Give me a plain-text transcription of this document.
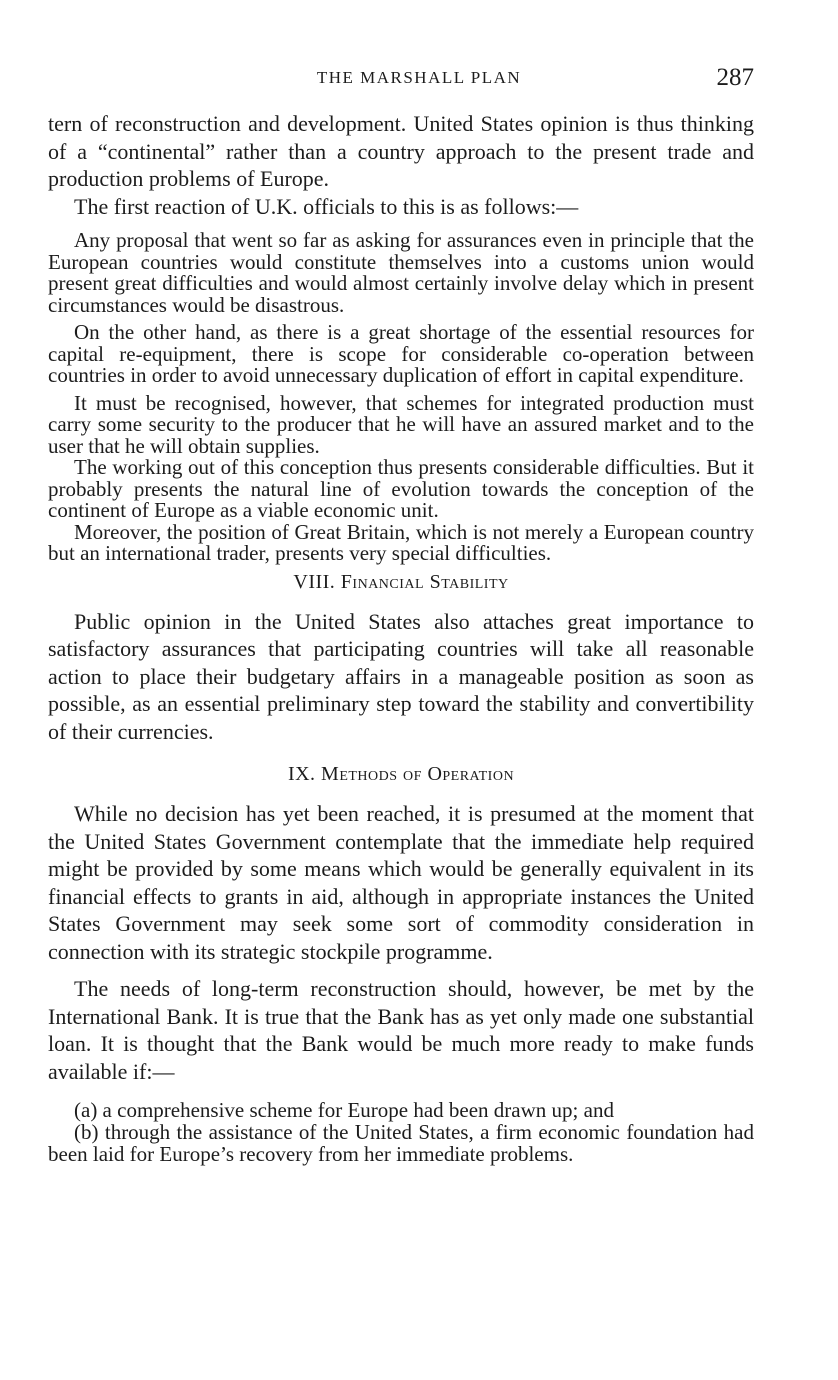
THE MARSHALL PLAN	287

tern of reconstruction and development. United States opinion is thus thinking of a “continental” rather than a country approach to the present trade and production problems of Europe.

The first reaction of U.K. officials to this is as follows:—

Any proposal that went so far as asking for assurances even in principle that the European countries would constitute themselves into a customs union would present great difficulties and would almost certainly involve delay which in present circumstances would be disastrous.

On the other hand, as there is a great shortage of the essential resources for capital re-equipment, there is scope for considerable co-operation between countries in order to avoid unnecessary duplication of effort in capital expenditure.

It must be recognised, however, that schemes for integrated production must carry some security to the producer that he will have an assured market and to the user that he will obtain supplies.

The working out of this conception thus presents considerable difficulties. But it probably presents the natural line of evolution towards the conception of the continent of Europe as a viable economic unit.

Moreover, the position of Great Britain, which is not merely a European country but an international trader, presents very special difficulties.

VIII. Financial Stability

Public opinion in the United States also attaches great importance to satisfactory assurances that participating countries will take all reasonable action to place their budgetary affairs in a manageable position as soon as possible, as an essential preliminary step toward the stability and convertibility of their currencies.

IX. Methods of Operation

While no decision has yet been reached, it is presumed at the moment that the United States Government contemplate that the immediate help required might be provided by some means which would be generally equivalent in its financial effects to grants in aid, although in appropriate instances the United States Government may seek some sort of commodity consideration in connection with its strategic stockpile programme.

The needs of long-term reconstruction should, however, be met by the International Bank. It is true that the Bank has as yet only made one substantial loan. It is thought that the Bank would be much more ready to make funds available if:—

(a) a comprehensive scheme for Europe had been drawn up; and

(b) through the assistance of the United States, a firm economic foundation had been laid for Europe’s recovery from her immediate problems.
